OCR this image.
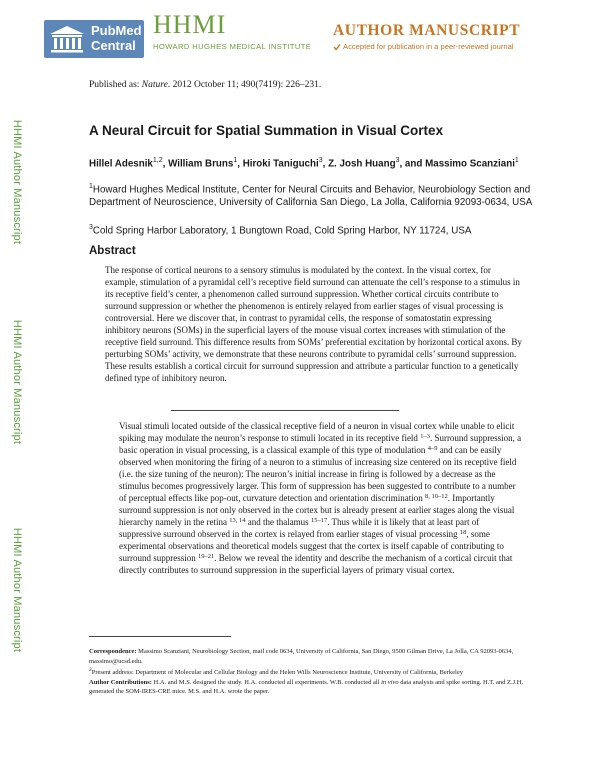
PubMed
Central
HHMI
HOWARD HUGHES MEDICAL INSTITUTE
AUTHOR MANUSCRIPT
Accepted for publication in a peer-reviewed journal
HHMI Author Manuscript
HHMI Author Manuscript
HHMI Author Manuscript
Published as: Nature. 2012 October 11; 490(7419): 226–231.
A Neural Circuit for Spatial Summation in Visual Cortex
Hillel Adesnik$^{1,2}$, William Bruns$^1$, Hiroki Taniguchi$^3$, Z. Josh Huang$^3$, and Massimo Scanziani$^1$
$^1$Howard Hughes Medical Institute, Center for Neural Circuits and Behavior, Neurobiology Section and Department of Neuroscience, University of California San Diego, La Jolla, California 92093-0634, USA
$^3$Cold Spring Harbor Laboratory, 1 Bungtown Road, Cold Spring Harbor, NY 11724, USA
Abstract
The response of cortical neurons to a sensory stimulus is modulated by the context. In the visual cortex, for example, stimulation of a pyramidal cell’s receptive field surround can attenuate the cell’s response to a stimulus in its receptive field’s center, a phenomenon called surround suppression. Whether cortical circuits contribute to surround suppression or whether the phenomenon is entirely relayed from earlier stages of visual processing is controversial. Here we discover that, in contrast to pyramidal cells, the response of somatostatin expressing inhibitory neurons (SOMs) in the superficial layers of the mouse visual cortex increases with stimulation of the receptive field surround. This difference results from SOMs’ preferential excitation by horizontal cortical axons. By perturbing SOMs’ activity, we demonstrate that these neurons contribute to pyramidal cells’ surround suppression. These results establish a cortical circuit for surround suppression and attribute a particular function to a genetically defined type of inhibitory neuron.
Visual stimuli located outside of the classical receptive field of a neuron in visual cortex while unable to elicit spiking may modulate the neuron’s response to stimuli located in its receptive field $^{1-3}$. Surround suppression, a basic operation in visual processing, is a classical example of this type of modulation $^{4-9}$ and can be easily observed when monitoring the firing of a neuron to a stimulus of increasing size centered on its receptive field (i.e. the size tuning of the neuron): The neuron’s initial increase in firing is followed by a decrease as the stimulus becomes progressively larger. This form of suppression has been suggested to contribute to a number of perceptual effects like pop-out, curvature detection and orientation discrimination $^{8, 10-12}$. Importantly surround suppression is not only observed in the cortex but is already present at earlier stages along the visual hierarchy namely in the retina $^{13, 14}$ and the thalamus $^{15-17}$. Thus while it is likely that at least part of suppressive surround observed in the cortex is relayed from earlier stages of visual processing $^{18}$, some experimental observations and theoretical models suggest that the cortex is itself capable of contributing to surround suppression $^{19-21}$. Below we reveal the identity and describe the mechanism of a cortical circuit that directly contributes to surround suppression in the superficial layers of primary visual cortex.
Correspondence: Massimo Scanziani, Neurobiology Section, mail code 0634, University of California, San Diego, 9500 Gilman Drive, La Jolla, CA 92093-0634, massimo@ucsd.edu.
$^2$Present address: Department of Molecular and Cellular Biology and the Helen Wills Neuroscience Institute, University of California, Berkeley
Author Contributions: H.A. and M.S. designed the study. H.A. conducted all experiments. W.B. conducted all in vivo data analysis and spike sorting. H.T. and Z.J.H. generated the SOM-IRES-CRE mice. M.S. and H.A. wrote the paper.
